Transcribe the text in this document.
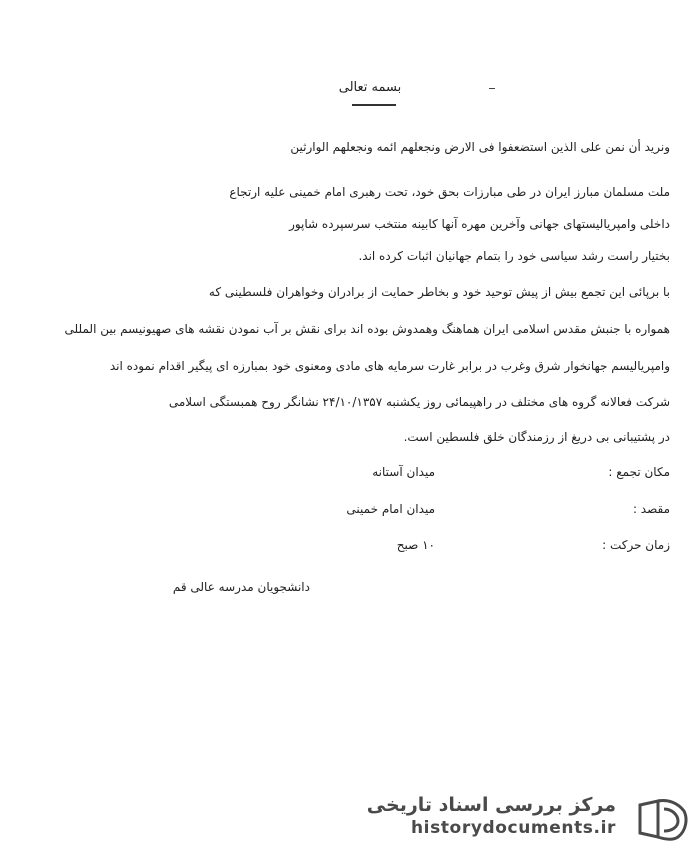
بسمه تعالی
ونرید أن نمن علی الذین استضعفوا فی الارض ونجعلهم ائمه ونجعلهم الوارثین
ملت مسلمان مبارز ایران در طی مبارزات بحق خود، تحت رهبری امام خمینی علیه ارتجاع
داخلی وامپریالیستهای جهانی وآخرین مهره آنها کابینه منتخب سرسپرده شاپور
بختیار راست رشد سیاسی خود را بتمام جهانیان اثبات کرده اند.
با برپائی این تجمع بیش از پیش توحید خود و بخاطر حمایت از برادران وخواهران فلسطینی که
همواره با جنبش مقدس اسلامی ایران هماهنگ وهمدوش بوده اند برای نقش بر آب نمودن نقشه های صهیونیسم بین المللی
وامپریالیسم جهانخوار شرق وغرب در برابر غارت سرمایه های مادی ومعنوی خود بمبارزه ای پیگیر اقدام نموده اند
شرکت فعالانه گروه های مختلف در راهپیمائی روز یکشنبه ۲۴/۱۰/۱۳۵۷ نشانگر روح همبستگی اسلامی
در پشتیبانی بی دریغ از رزمندگان خلق فلسطین است.
مکان تجمع :
میدان آستانه
مقصد :
میدان امام خمینی
زمان حرکت :
۱۰ صبح
دانشجویان مدرسه عالی قم
مرکز بررسی اسناد تاریخی
historydocuments.ir
